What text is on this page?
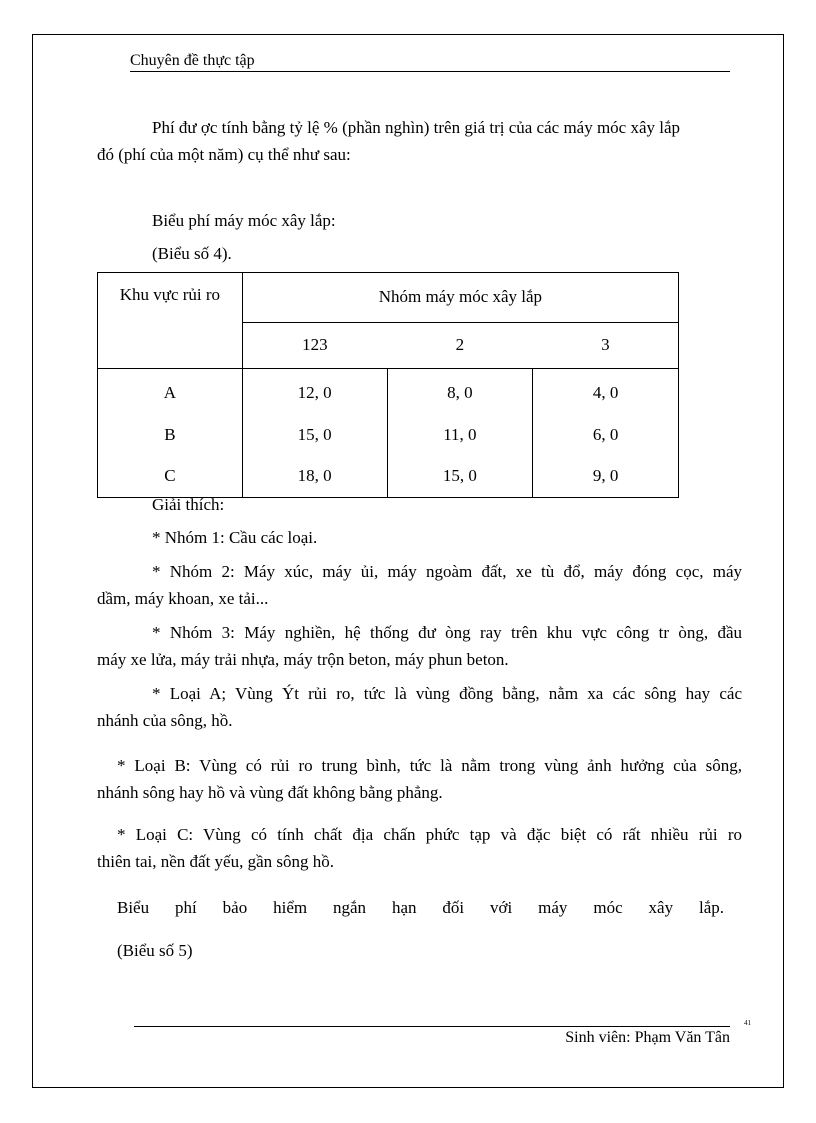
Chuyên đề thực tập
Phí đư ợc tính bằng tỷ lệ % (phần nghìn) trên giá trị của các máy móc xây lắp
đó (phí của một năm) cụ thể như sau:
Biểu phí máy móc xây lắp:
(Biểu số 4).
Khu vực rủi ro	Nhóm máy móc xây lắp		
	123	2	3
A	12, 0	8, 0	4, 0
B	15, 0	11, 0	6, 0
C	18, 0	15, 0	9, 0
Giải thích:
* Nhóm 1: Cầu các loại.
* Nhóm 2: Máy xúc, máy ủi, máy ngoàm đất, xe tù đổ, máy đóng cọc, máy
dầm, máy khoan, xe tải...
* Nhóm 3: Máy nghiền, hệ thống đư òng ray trên khu vực công tr òng, đầu
máy xe lửa, máy trải nhựa, máy trộn beton, máy phun beton.
* Loại A; Vùng Ýt rủi ro, tức là vùng đồng bằng, nằm xa các sông hay các
nhánh của sông, hồ.
* Loại B: Vùng có rủi ro trung bình, tức là nằm trong vùng ảnh hưởng của sông,
nhánh sông hay hồ và vùng đất không bằng phẳng.
* Loại C: Vùng có tính chất địa chấn phức tạp và đặc biệt có rất nhiều rủi ro
thiên tai, nền đất yếu, gần sông hồ.
Biểu phí bảo hiểm ngắn hạn đối với máy móc xây lắp.
(Biểu số 5)
41
Sinh viên: Phạm Văn Tân
